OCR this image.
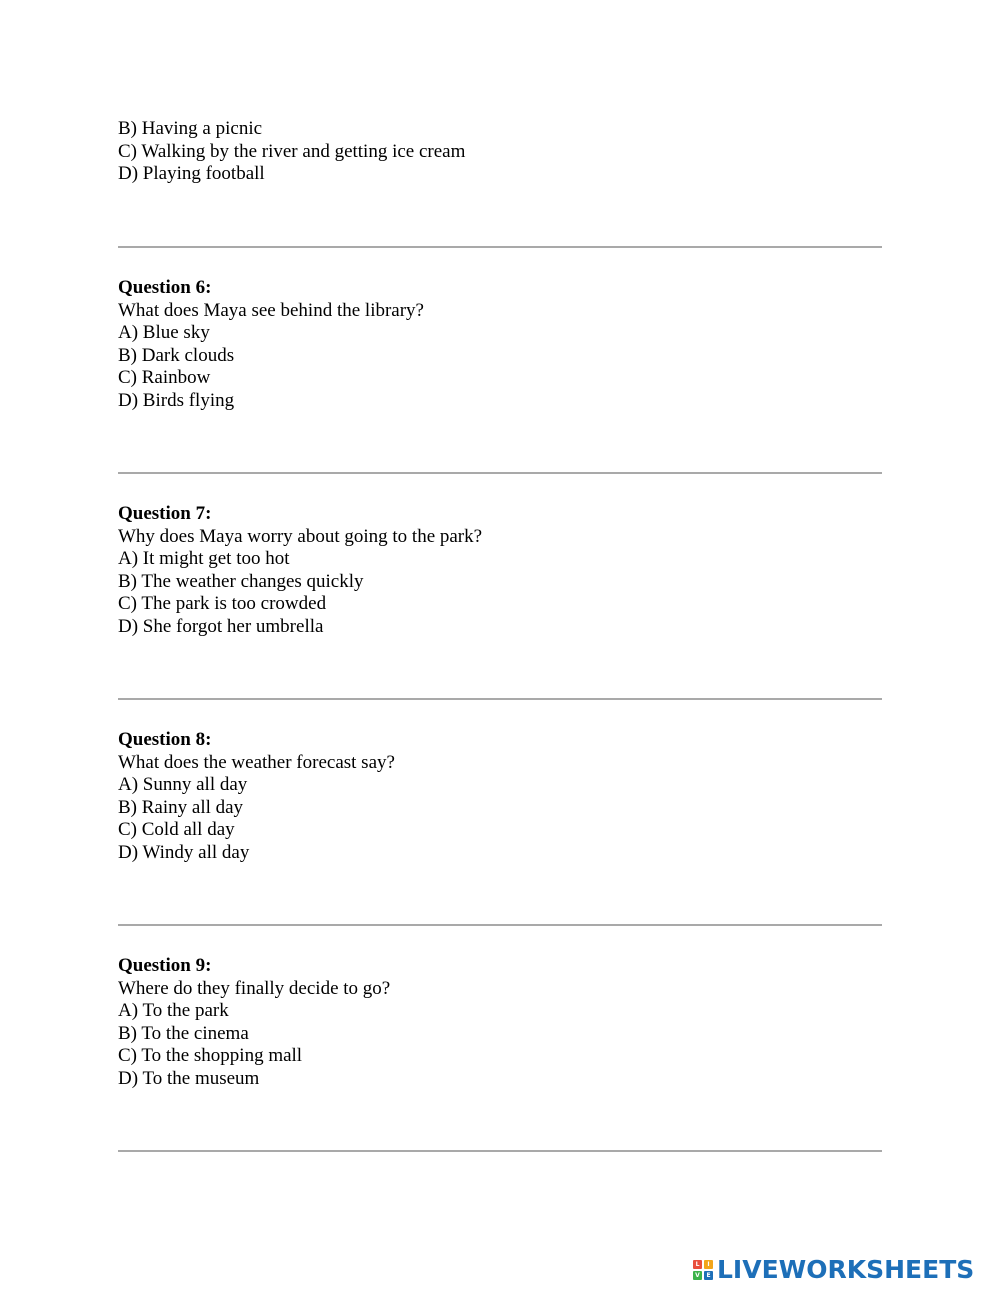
B) Having a picnic
C) Walking by the river and getting ice cream
D) Playing football
Question 6:
What does Maya see behind the library?
A) Blue sky
B) Dark clouds
C) Rainbow
D) Birds flying
Question 7:
Why does Maya worry about going to the park?
A) It might get too hot
B) The weather changes quickly
C) The park is too crowded
D) She forgot her umbrella
Question 8:
What does the weather forecast say?
A) Sunny all day
B) Rainy all day
C) Cold all day
D) Windy all day
Question 9:
Where do they finally decide to go?
A) To the park
B) To the cinema
C) To the shopping mall
D) To the museum
L	I
V	E LIVEWORKSHEETS
